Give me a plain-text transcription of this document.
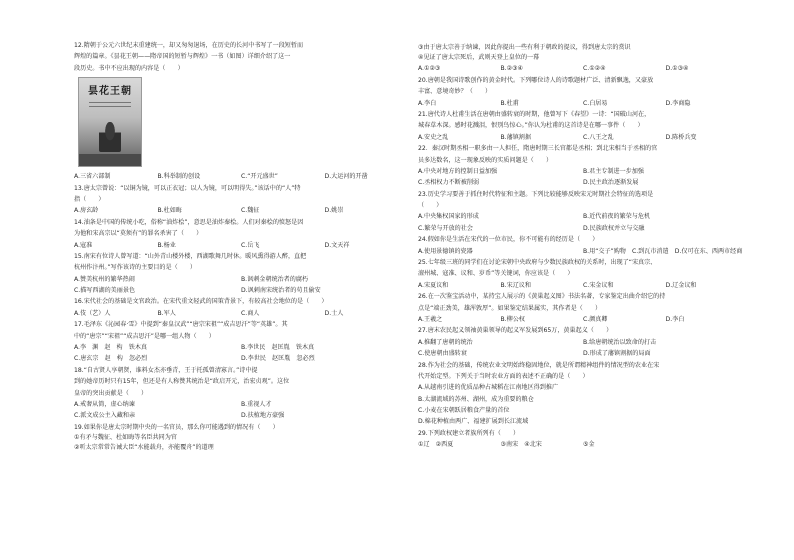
12.隋朝于公元六世纪末重建统一，却又匆匆退场，在历史的长河中书写了一段短暂而
辉煌的篇章。《昙花王朝——隋帝国的短暂与辉煌》一书（如图）详细介绍了这一
段历史。书中不应出现的内容是（　　）
昙花王朝
A.三省六部制	B.科举制的创设	C.“开元盛世”	D.大运河的开凿
13.唐太宗曾说：“以铜为镜，可以正衣冠；以人为镜，可以明得失。”该话中的“人”特
指（　　）
A.房玄龄	B.杜如晦	C.魏征	D.姚崇
14.油条是中国的传统小吃，俗称“油炸桧”，意思是油炸秦桧。人们对秦桧的愤怒是因
为他和宋高宗以“莫须有”的罪名杀害了（　　）
A.寇准	B.杨业	C.岳飞	D.文天祥
15.南宋有位诗人曾写道：“山外青山楼外楼，西湖歌舞几时休。暖风熏得游人醉，直把
杭州作汴州。”写作该诗的主要目的是（　　）
A.赞美杭州的繁华热闹	B.讽刺金朝统治者的腐朽
C.描写西湖的美丽景色	D.讽刺南宋统治者的苟且偷安
16.宋代社会的基础是文官政治。在宋代重文轻武的国策背景下，有较高社会地位的是（　　）
A.伎（艺）人	B.军人	C.商人	D.士人
17.毛泽东《沁园春·雪》中提到“秦皇汉武”“唐宗宋祖”“成吉思汗”等“英雄”。其
中的“唐宗”“宋祖”“成吉思汗”是哪一组人物（　　）
A.李　渊　赵　构　铁木真	B.李世民　赵匡胤　铁木真
C.唐玄宗　赵　构　忽必烈	D.李世民　赵匡胤　忽必烈
18.“自古贤人享朝贤，谁料女杰亦垂青，王于托孤曾清寡言。”诗中提
到的她帝历时只有15年，但还是有人称赞其统治是“政启开元，治宏贞观”。这位
皇帝的突出贡献是（　　）
A.戒奢从简，虚心纳谏	B.重视人才
C.派文成公主入藏和亲	D.扶植地方豪强
19.如果你是唐太宗时期中央的一名官员，那么你可能遇到的情况有（　　）
①有矛与魏征、杜如晦等名臣共同为官
②听太宗常常告诫大臣“水能载舟，亦能覆舟”的道理
③由于唐太宗善于纳谏，因此你提出一些有利于朝政的提议，得到唐太宗的赏识
④见证了唐太宗死后，武则天登上皇位的一幕
A.①②③	B.②③④	C.①②④	D.①③④
20.唐朝是我国诗歌创作的黄金时代。下列哪位诗人的诗歌题材广泛、清新飘逸，又豪放
丰富、意境奇妙？（　　）
A.李白	B.杜甫	C.白居易	D.李商隐
21.唐代诗人杜甫生活在唐朝由盛转衰的时期，他曾写下《春望》一诗：“国破山河在，
城春草木深。感时花溅泪，恨别鸟惊心。”你认为杜甫的这首诗是在哪一事件（　　）
A.安史之乱	B.藩镇割据	C.八王之乱	D.陈桥兵变
22．秦汉时期丞相一职多由一人担任，隋唐时期三长官都是丞相；到北宋相当于丞相的官
员多达数名，这一现象反映的实质问题是（　　）
A.中央对地方的控制日益加强	B.君主专制进一步加强
C.丞相权力不断被削弱	D.民主政治逐渐发展
23.历史学习要善于抓住时代特征和主题。下列比较能够反映宋元时期社会特征的选项是
（　　）
A.中央集权国家的形成	B.近代前夜的繁荣与危机
C.繁荣与开放的社会	D.民族政权并立与交融
24.假如你是生活在宋代的一位市民，你不可能有的经历是（　　）
A.使用景德镇的瓷器	B.用“交子”购物　C.到瓦市消遣　D.仅可在东、西两市经商
25.七年级三班的同学们在讨论宋朝中央政府与少数民族政权的关系时，出现了“宋真宗、
澶州城、寇准、议和、岁币”等关键词，你应该是（　　）
A.宋夏议和	B.宋辽议和	C.宋金议和	D.辽金议和
26.在一次鉴宝活动中，某持宝人展示的《黄巢起义图》书法名著，专家鉴定出曲介绍它的持
点是“端正劲美，雄浑敦厚”。如果鉴定结果属实，其作者是（　　）
A.王羲之	B.柳公权	C.颜真卿	D.李白
27.唐末农民起义领袖黄巢领导的起义军发展到65万，黄巢起义（　　）
A.推翻了唐朝的统治	B.给唐朝统治以致命的打击
C.使唐朝由盛转衰	D.形成了藩镇割据的局面
28.作为社会的基础，传统农业文明始终稳固地位，就是所谓精神组件的情况型的农业在宋
代开始定型。下列关于当时农业方面的表述不正确的是（　　）
A.从越南引进的优质品种占城稻在江南地区得到推广
B.太湖流域的苏州、湖州，成为重要的粮仓
C.小麦在宋朝跃居粮食产量的首位
D.棉花种植由两广、福建扩展到长江流域
29.下列政权建立者族所列有（　　）
①辽　②西夏	③南宋　④北宋	⑤金
